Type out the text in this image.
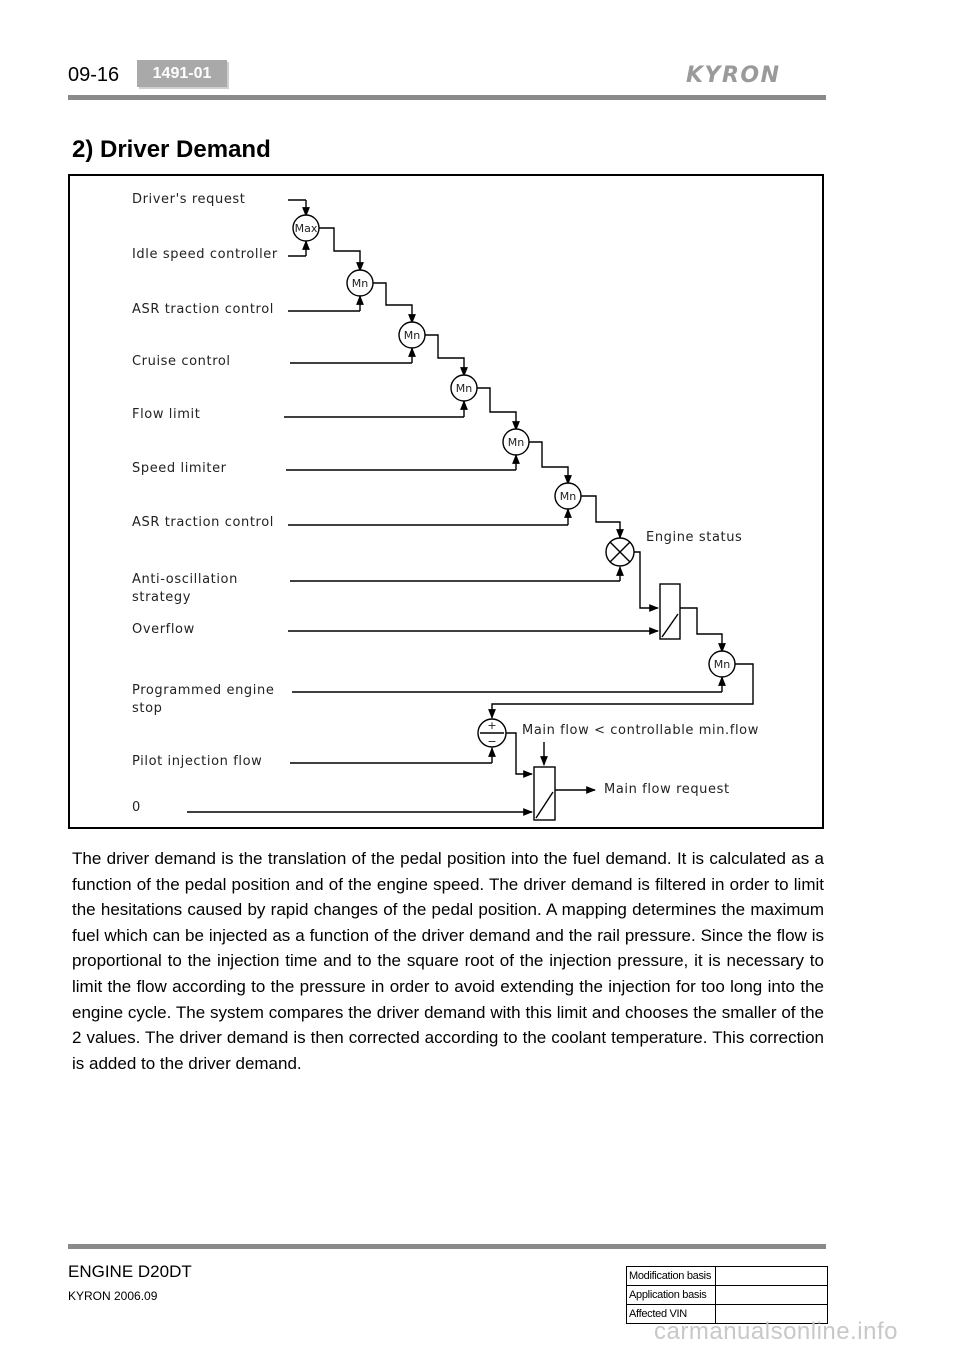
09-16	1491-01	KYRON
2) Driver Demand
Driver's request
Idle speed controller
ASR traction control
Cruise control
Flow limit
Speed limiter
ASR traction control
Anti-oscillation
strategy
Overflow
Programmed engine
stop
Pilot injection flow
0
Max
Mn
Mn
Mn
Mn
Mn
Mn
+
−
Engine status
Main flow < controllable min.flow
Main flow request
The driver demand is the translation of the pedal position into the fuel demand. It is calculated as a function of the pedal position and of the engine speed. The driver demand is filtered in order to limit the hesitations caused by rapid changes of the pedal position. A mapping determines the maximum fuel which can be injected as a function of the driver demand and the rail pressure. Since the flow is proportional to the injection time and to the square root of the injection pressure, it is necessary to limit the flow according to the pressure in order to avoid extending the injection for too long into the engine cycle. The system compares the driver demand with this limit and chooses the smaller of the 2 values. The driver demand is then corrected according to the coolant temperature. This correction is added to the driver demand.
ENGINE D20DT
KYRON 2006.09
Modification basis	
Application basis	
Affected VIN	
carmanualsonline.info
